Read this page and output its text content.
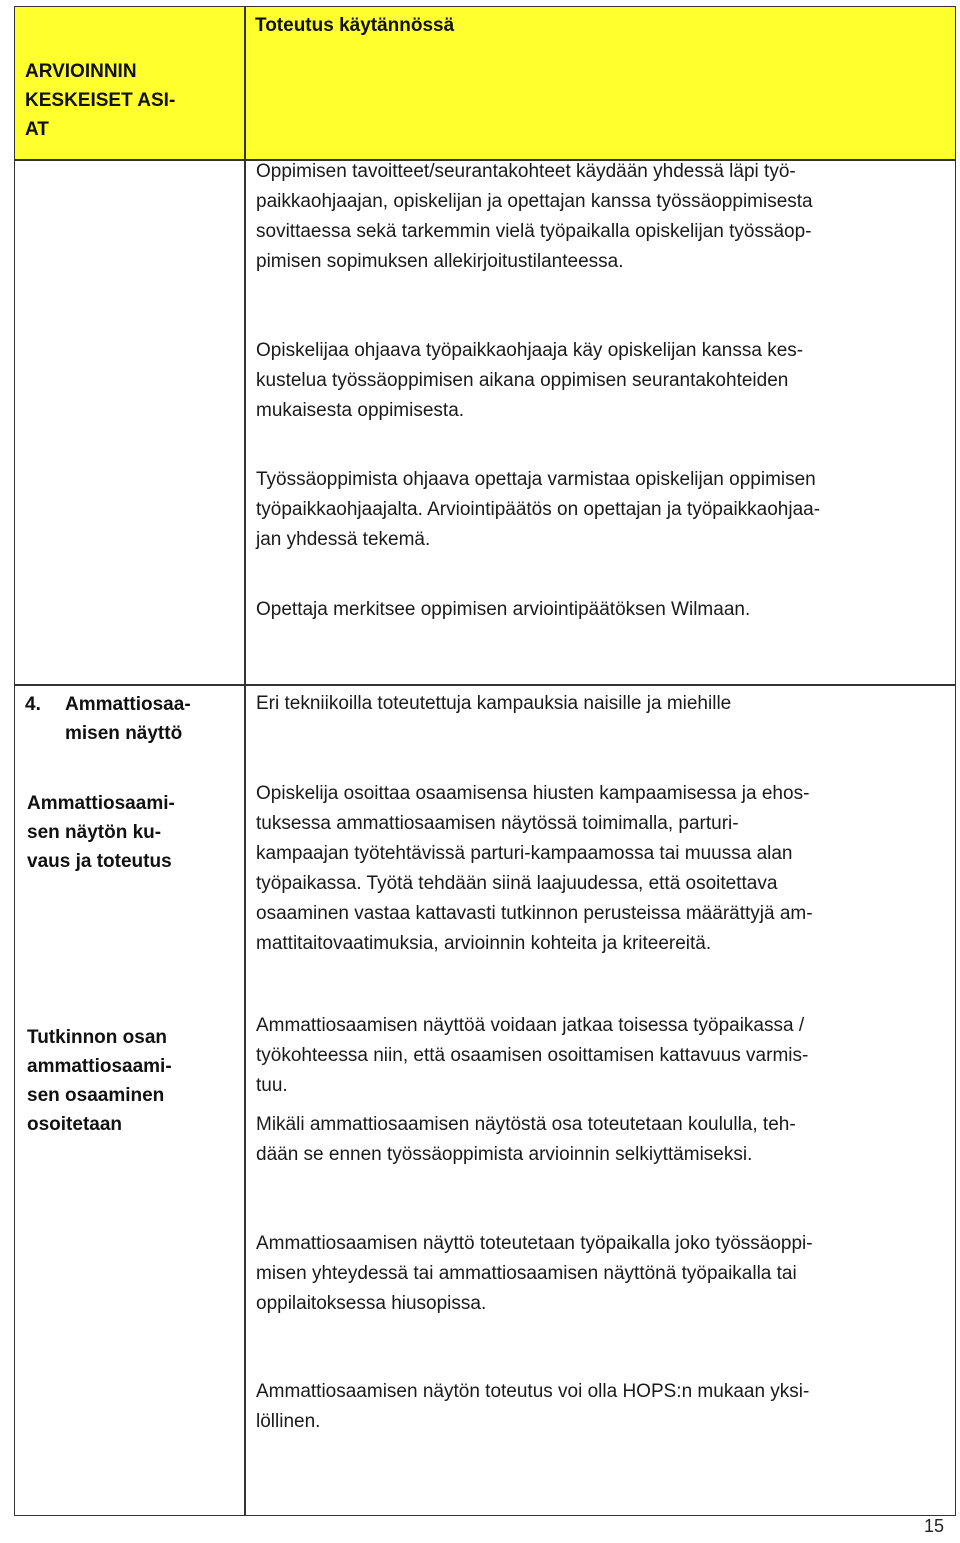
ARVIOINNIN
KESKEISET ASI-
AT
Toteutus käytännössä
Oppimisen tavoitteet/seurantakohteet käydään yhdessä läpi työ-
paikkaohjaajan, opiskelijan ja opettajan kanssa työssäoppimisesta
sovittaessa sekä tarkemmin vielä työpaikalla opiskelijan työssäop-
pimisen sopimuksen allekirjoitustilanteessa.
Opiskelijaa ohjaava työpaikkaohjaaja käy opiskelijan kanssa kes-
kustelua työssäoppimisen aikana oppimisen seurantakohteiden
mukaisesta oppimisesta.
Työssäoppimista ohjaava opettaja varmistaa opiskelijan oppimisen
työpaikkaohjaajalta. Arviointipäätös on opettajan ja työpaikkaohjaa-
jan yhdessä tekemä.
Opettaja merkitsee oppimisen arviointipäätöksen Wilmaan.
4. Ammattiosaa-
misen näyttö
Eri tekniikoilla toteutettuja kampauksia naisille ja miehille
Ammattiosaami-
sen näytön ku-
vaus ja toteutus
Opiskelija osoittaa osaamisensa hiusten kampaamisessa ja ehos-
tuksessa ammattiosaamisen näytössä toimimalla, parturi-
kampaajan työtehtävissä parturi-kampaamossa tai muussa alan
työpaikassa. Työtä tehdään siinä laajuudessa, että osoitettava
osaaminen vastaa kattavasti tutkinnon perusteissa määrättyjä am-
mattitaitovaatimuksia, arvioinnin kohteita ja kriteereitä.
Tutkinnon osan
ammattiosaami-
sen osaaminen
osoitetaan
Ammattiosaamisen näyttöä voidaan jatkaa toisessa työpaikassa /
työkohteessa niin, että osaamisen osoittamisen kattavuus varmis-
tuu.
Mikäli ammattiosaamisen näytöstä osa toteutetaan koululla, teh-
dään se ennen työssäoppimista arvioinnin selkiyttämiseksi.
Ammattiosaamisen näyttö toteutetaan työpaikalla joko työssäoppi-
misen yhteydessä tai ammattiosaamisen näyttönä työpaikalla tai
oppilaitoksessa hiusopissa.
Ammattiosaamisen näytön toteutus voi olla HOPS:n mukaan yksi-
löllinen.
15
